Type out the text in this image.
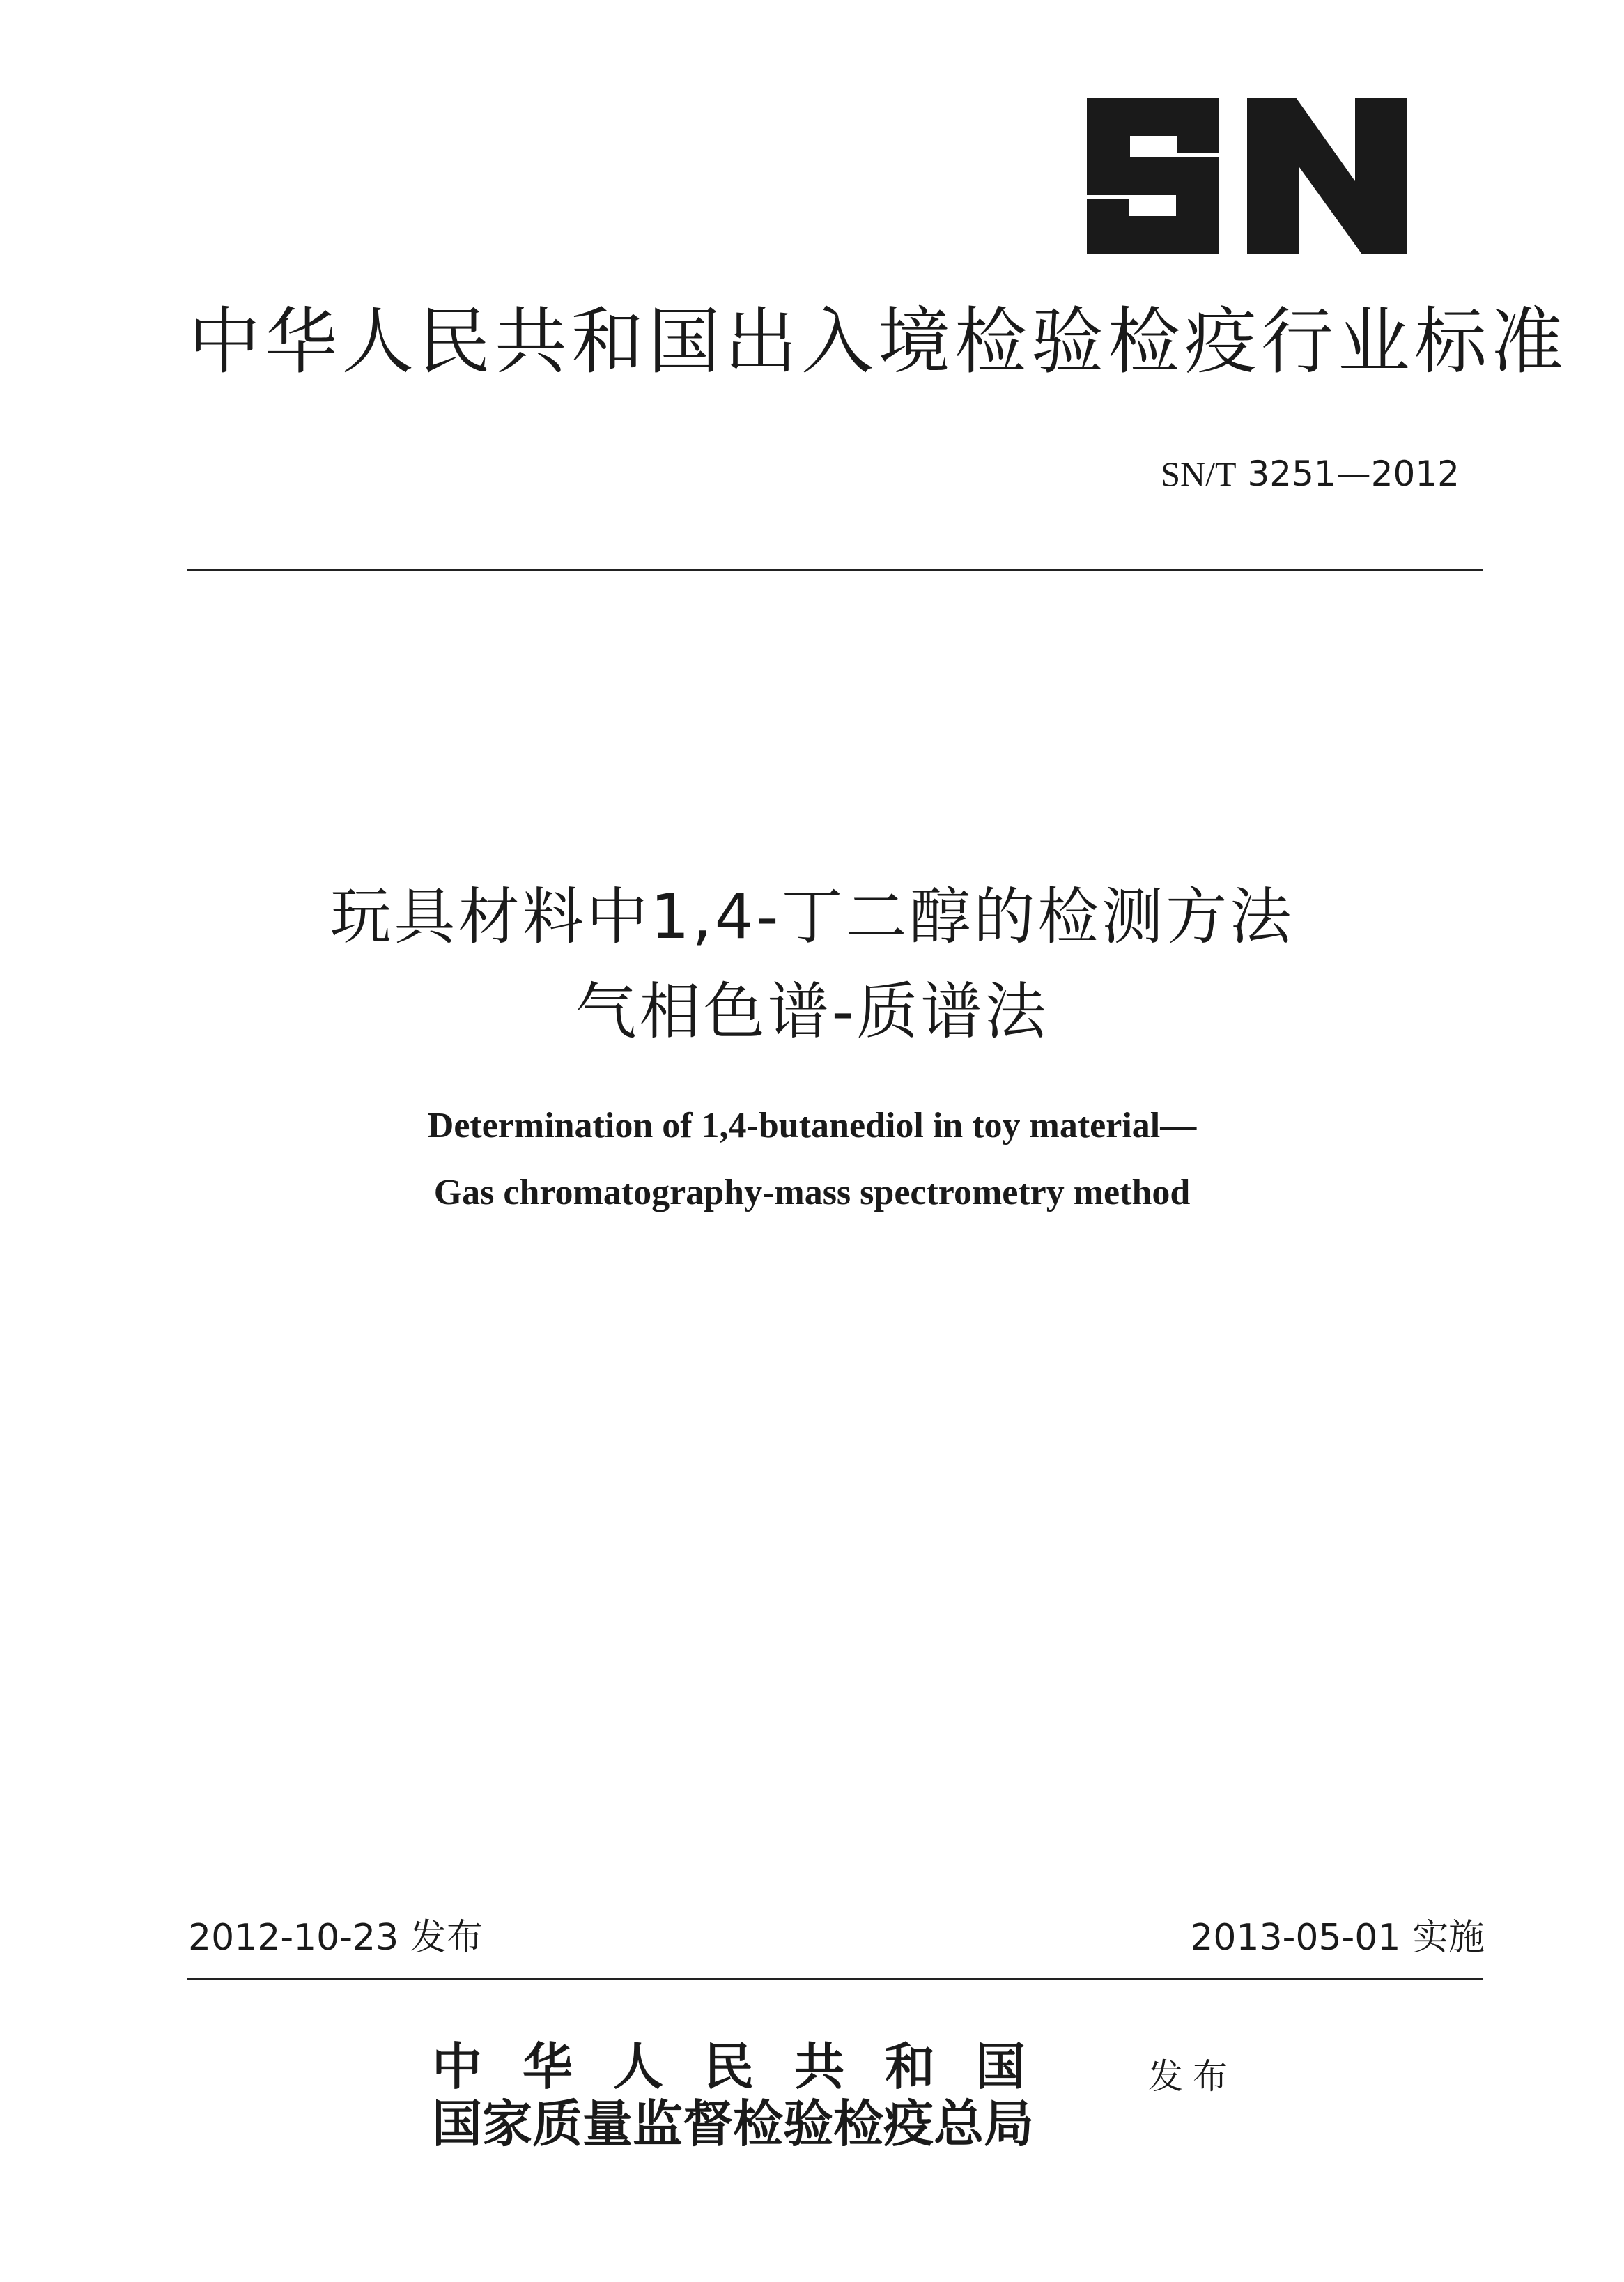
中华人民共和国出入境检验检疫行业标准
SN/T 3251—2012
玩具材料中1,4-丁二醇的检测方法
气相色谱-质谱法
Determination of 1,4-butanediol in toy material—
Gas chromatography-mass spectrometry method
2012-10-23 发布	2013-05-01 实施
中华人民共和国
国家质量监督检验检疫总局
发布
